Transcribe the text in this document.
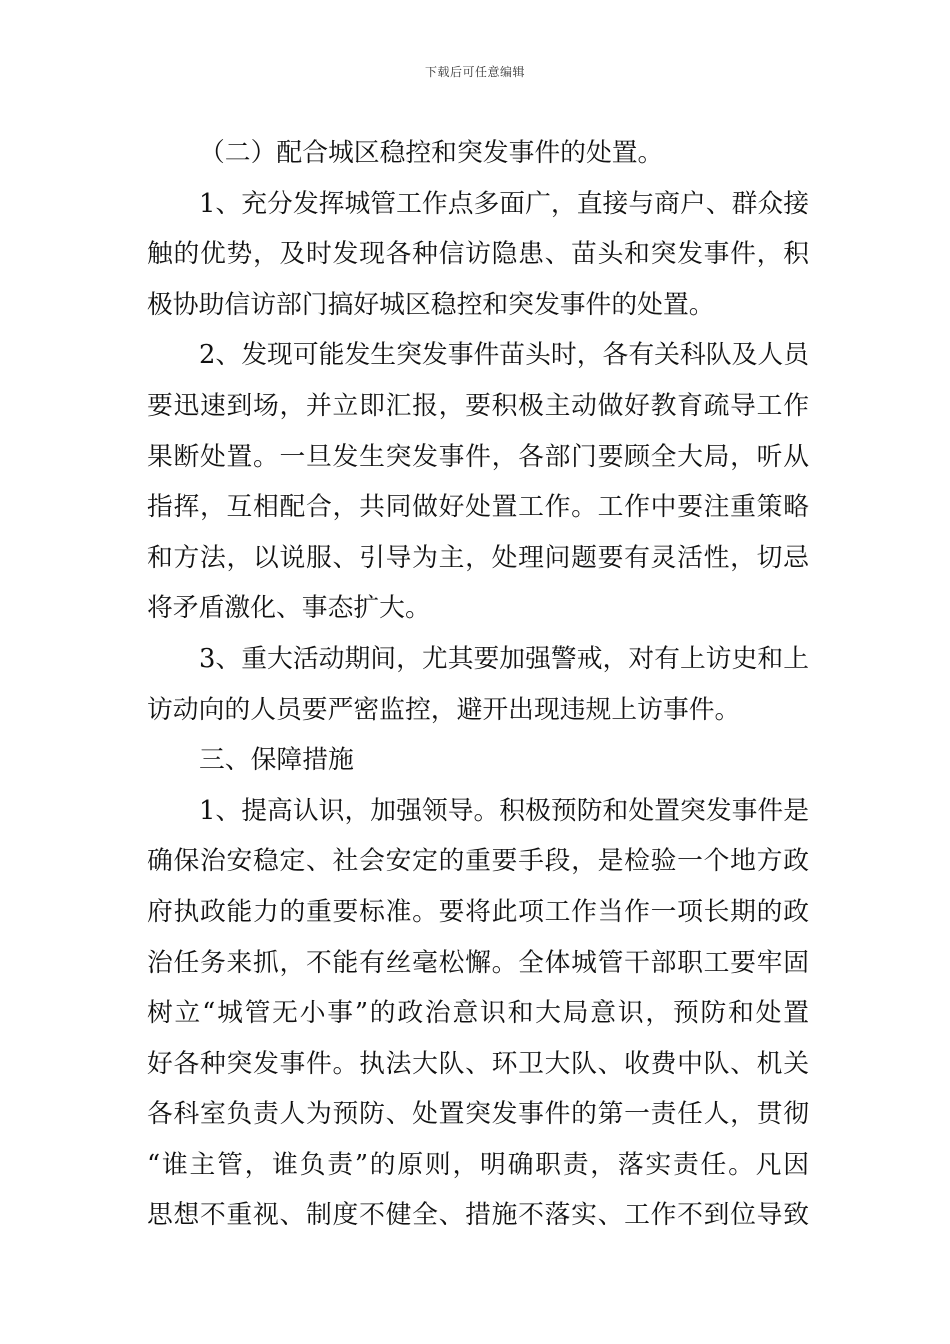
下载后可任意编辑
（二）配合城区稳控和突发事件的处置。
1、充分发挥城管工作点多面广，直接与商户、群众接
触的优势，及时发现各种信访隐患、苗头和突发事件，积
极协助信访部门搞好城区稳控和突发事件的处置。
2、发现可能发生突发事件苗头时，各有关科队及人员
要迅速到场，并立即汇报，要积极主动做好教育疏导工作
果断处置。一旦发生突发事件，各部门要顾全大局，听从
指挥，互相配合，共同做好处置工作。工作中要注重策略
和方法，以说服、引导为主，处理问题要有灵活性，切忌
将矛盾激化、事态扩大。
3、重大活动期间，尤其要加强警戒，对有上访史和上
访动向的人员要严密监控，避开出现违规上访事件。
三、保障措施
1、提高认识，加强领导。积极预防和处置突发事件是
确保治安稳定、社会安定的重要手段，是检验一个地方政
府执政能力的重要标准。要将此项工作当作一项长期的政
治任务来抓，不能有丝毫松懈。全体城管干部职工要牢固
树立“城管无小事”的政治意识和大局意识，预防和处置
好各种突发事件。执法大队、环卫大队、收费中队、机关
各科室负责人为预防、处置突发事件的第一责任人，贯彻
“谁主管，谁负责”的原则，明确职责，落实责任。凡因
思想不重视、制度不健全、措施不落实、工作不到位导致
